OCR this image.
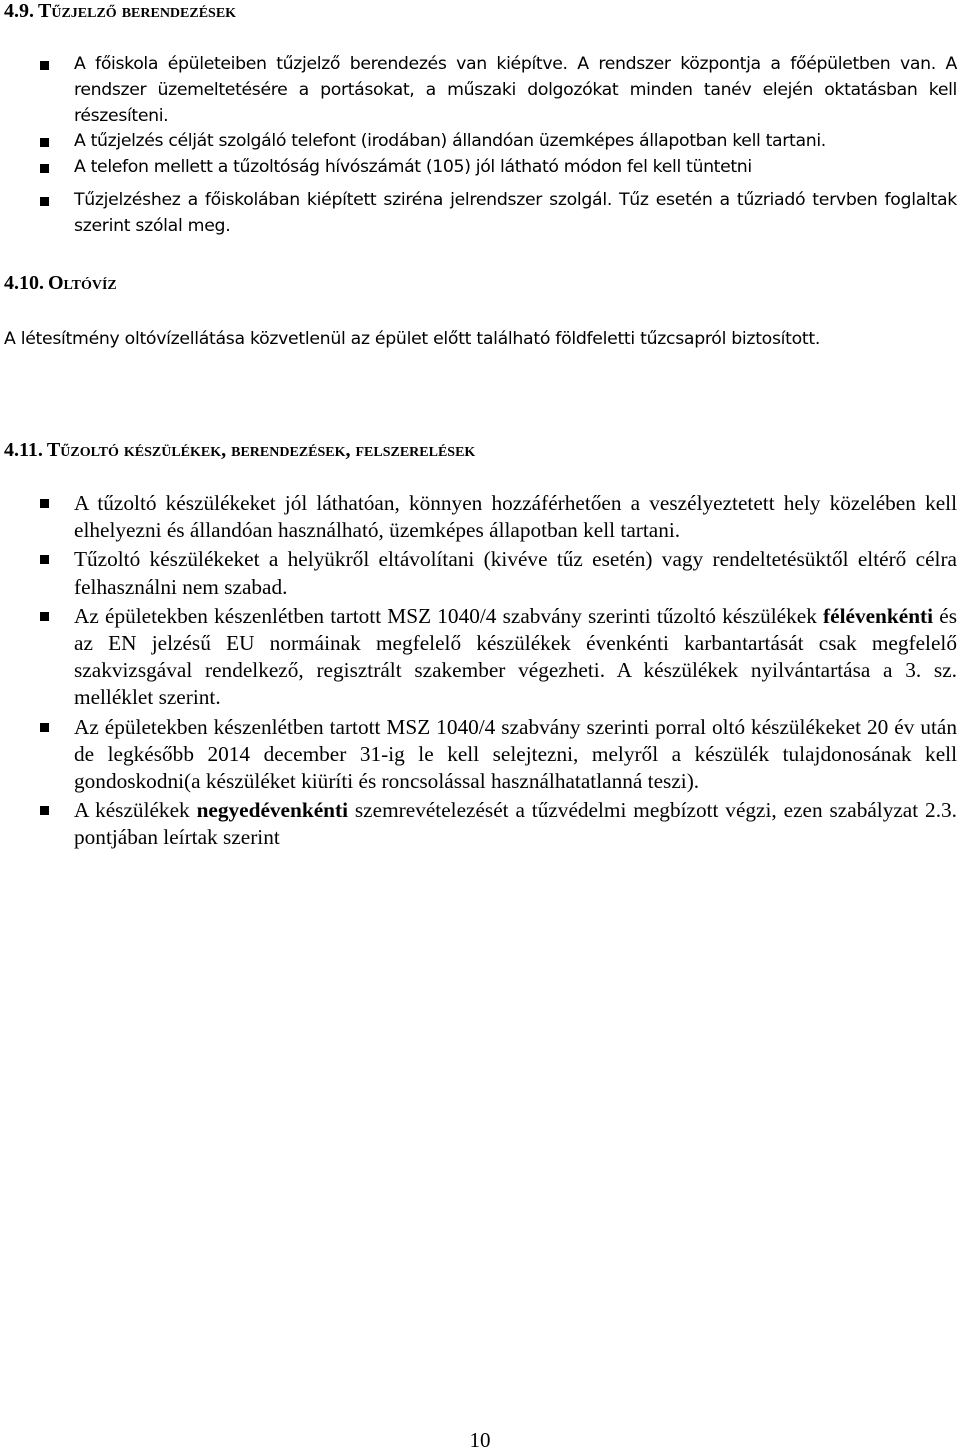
4.9. Tűzjelző berendezések
A főiskola épületeiben tűzjelző berendezés van kiépítve. A rendszer központja a főépületben van. A rendszer üzemeltetésére a portásokat, a műszaki dolgozókat minden tanév elején oktatásban kell részesíteni.
A tűzjelzés célját szolgáló telefont (irodában) állandóan üzemképes állapotban kell tartani.
A telefon mellett a tűzoltóság hívószámát (105) jól látható módon fel kell tüntetni
Tűzjelzéshez a főiskolában kiépített sziréna jelrendszer szolgál. Tűz esetén a tűzriadó tervben foglaltak szerint szólal meg.
4.10. Oltóvíz

A létesítmény oltóvízellátása közvetlenül az épület előtt található földfeletti tűzcsapról biztosított.

4.11. Tűzoltó készülékek, berendezések, felszerelések
A tűzoltó készülékeket jól láthatóan, könnyen hozzáférhetően a veszélyeztetett hely közelében kell elhelyezni és állandóan használható, üzemképes állapotban kell tartani.
Tűzoltó készülékeket a helyükről eltávolítani (kivéve tűz esetén) vagy rendeltetésüktől eltérő célra felhasználni nem szabad.
Az épületekben készenlétben tartott MSZ 1040/4 szabvány szerinti tűzoltó készülékek félévenkénti és az EN jelzésű EU normáinak megfelelő készülékek évenkénti karbantartását csak megfelelő szakvizsgával rendelkező, regisztrált szakember végezheti. A készülékek nyilvántartása a 3. sz. melléklet szerint.
Az épületekben készenlétben tartott MSZ 1040/4 szabvány szerinti porral oltó készülékeket 20 év után de legkésőbb 2014 december 31-ig le kell selejtezni, melyről a készülék tulajdonosának kell gondoskodni(a készüléket kiüríti és roncsolással használhatatlanná teszi).
A készülékek negyedévenkénti szemrevételezését a tűzvédelmi megbízott végzi, ezen szabályzat 2.3. pontjában leírtak szerint
10
